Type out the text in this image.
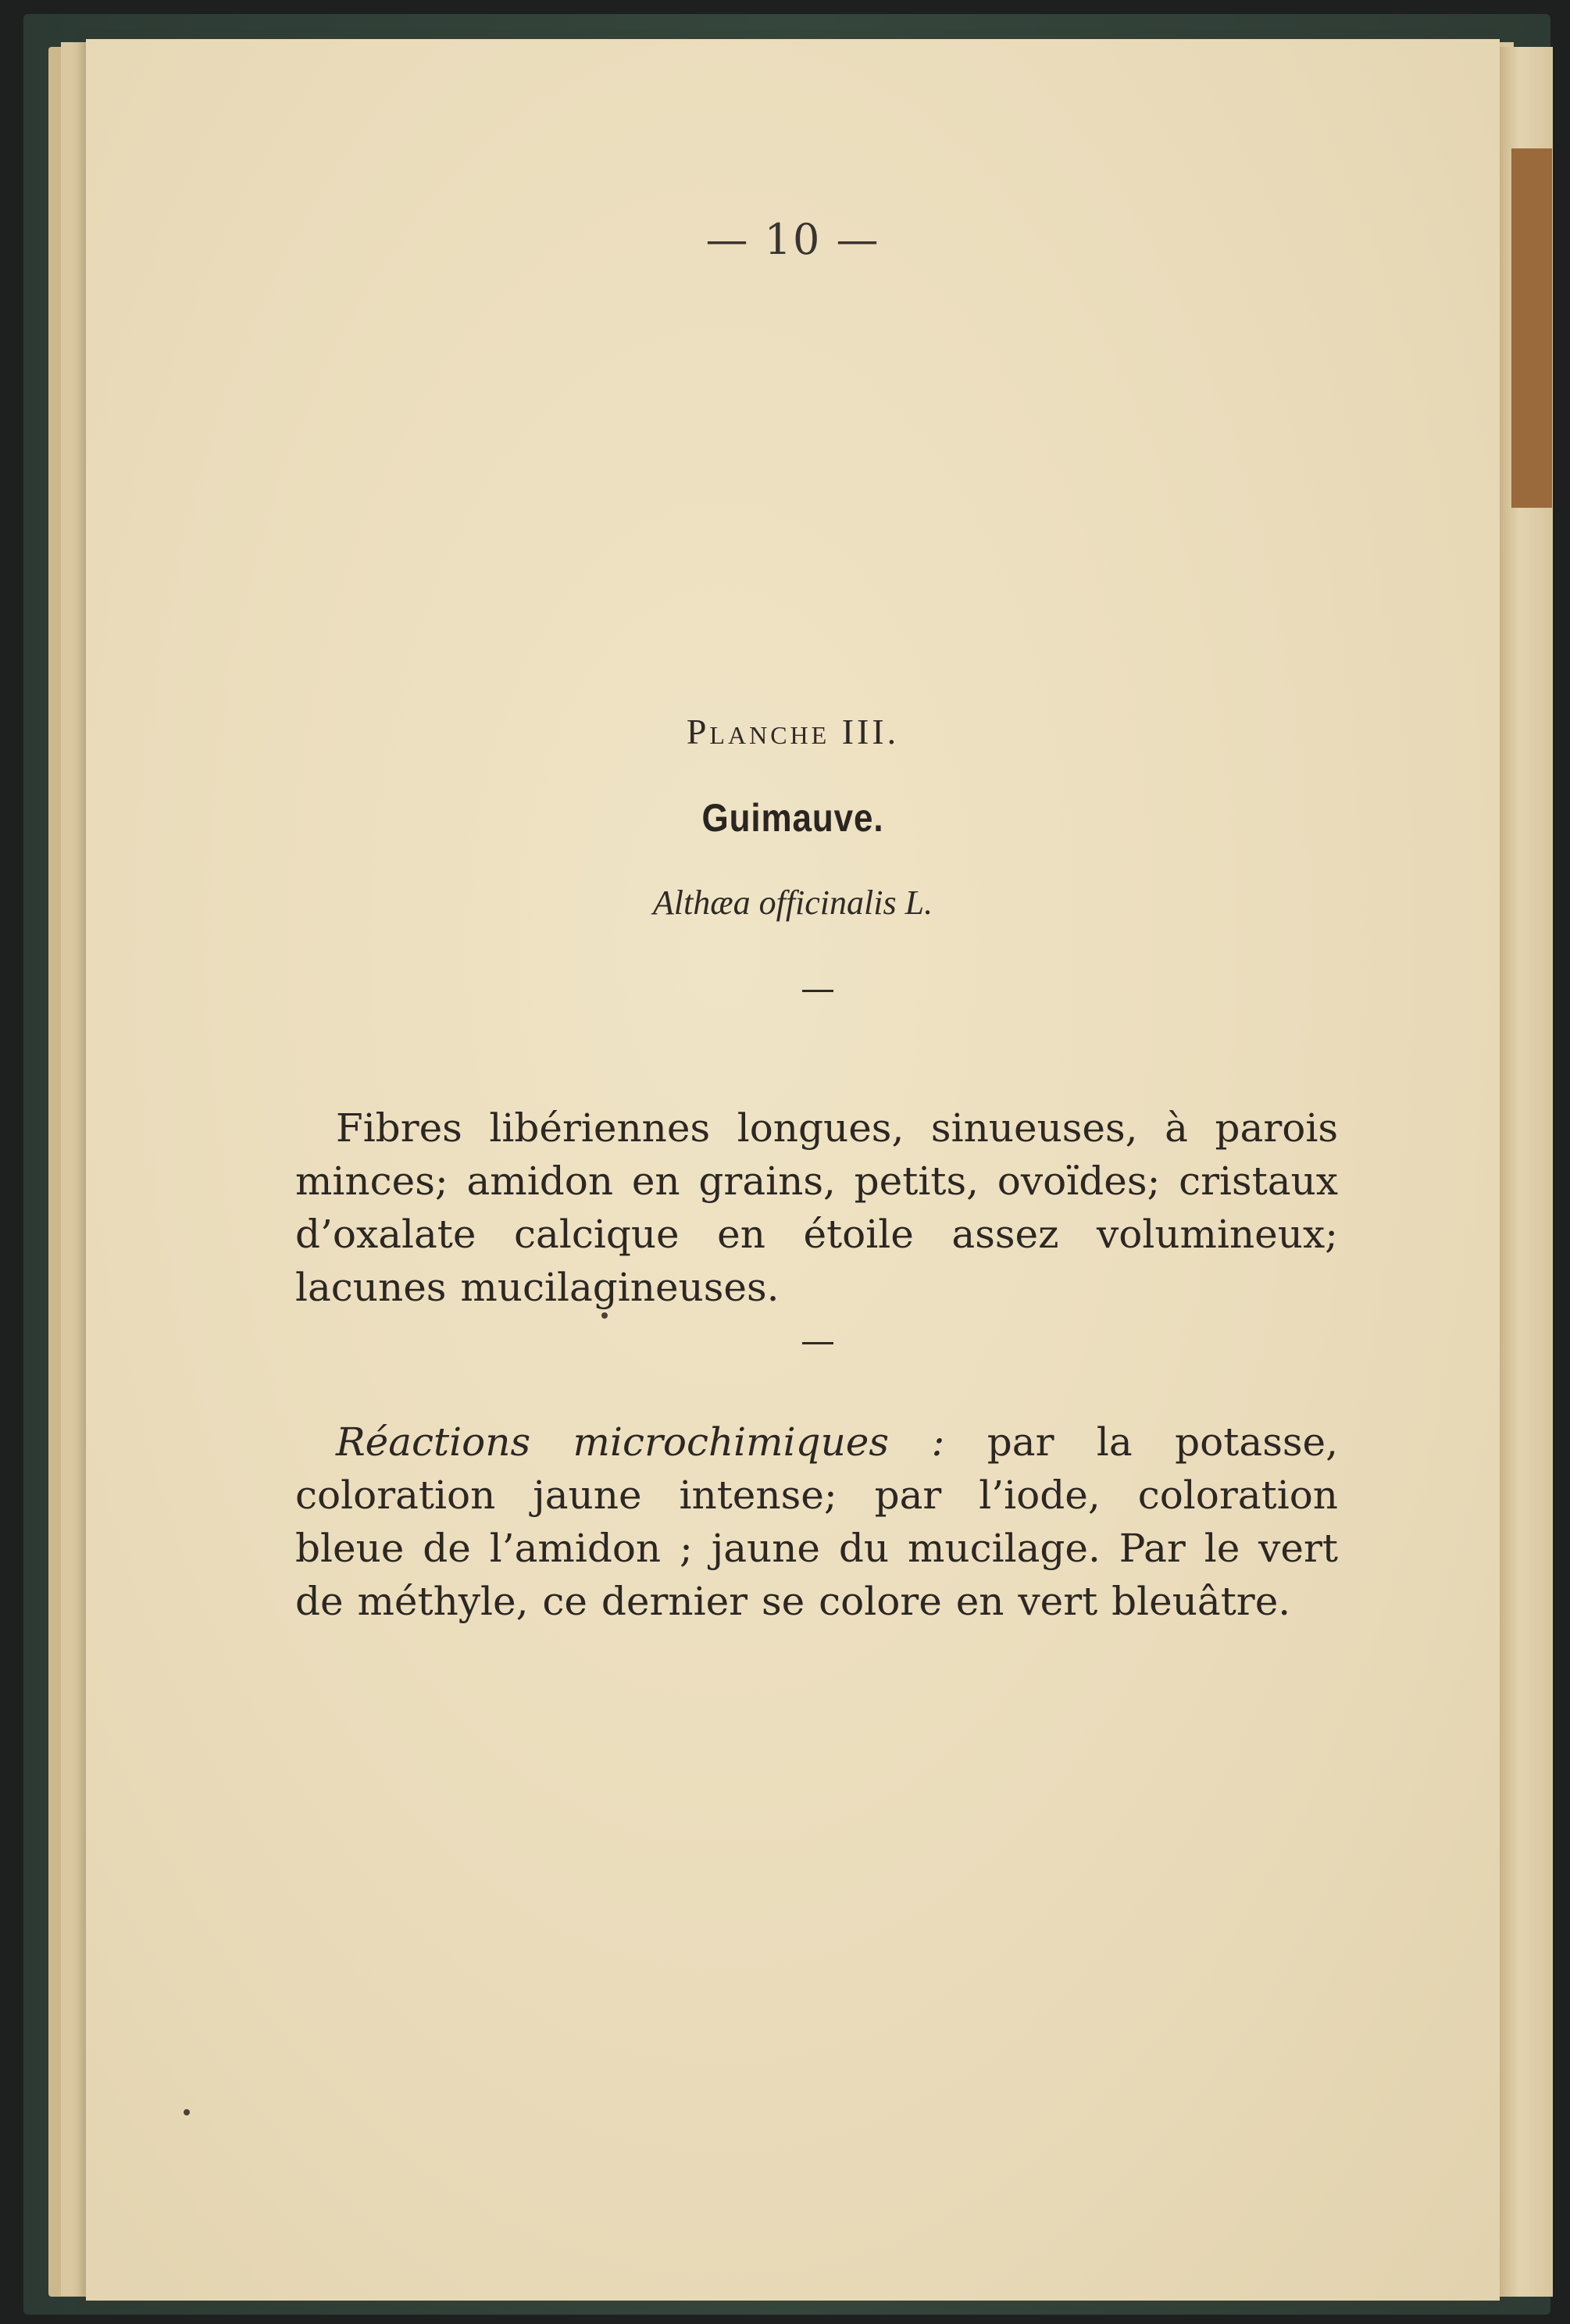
— 10 —
Planche III.
Guimauve.
Althæa officinalis L.

Fibres libériennes longues, sinueuses, à parois minces; amidon en grains, petits, ovoïdes; cristaux d’oxalate calcique en étoile assez volumineux; lacunes mucilagineuses.

Réactions microchimiques : par la potasse, coloration jaune intense; par l’iode, coloration bleue de l’amidon ; jaune du mucilage. Par le vert de méthyle, ce dernier se colore en vert bleuâtre.
